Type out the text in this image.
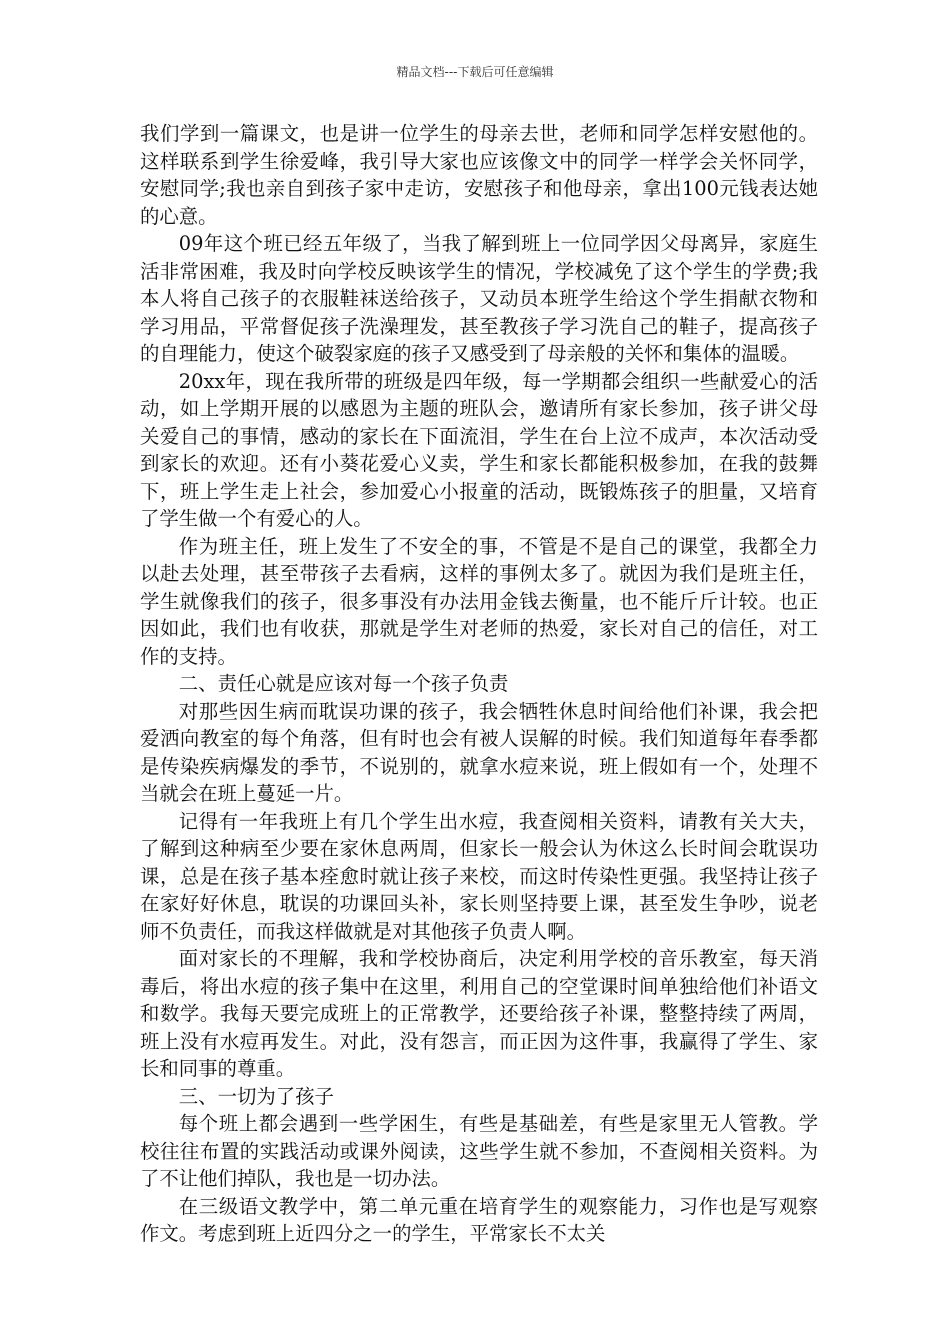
精品文档---下载后可任意编辑

我们学到一篇课文，也是讲一位学生的母亲去世，老师和同学怎样安慰他的。这样联系到学生徐爱峰，我引导大家也应该像文中的同学一样学会关怀同学，安慰同学;我也亲自到孩子家中走访，安慰孩子和他母亲，拿出100元钱表达她的心意。

09年这个班已经五年级了，当我了解到班上一位同学因父母离异，家庭生活非常困难，我及时向学校反映该学生的情况，学校减免了这个学生的学费;我本人将自己孩子的衣服鞋袜送给孩子，又动员本班学生给这个学生捐献衣物和学习用品，平常督促孩子洗澡理发，甚至教孩子学习洗自己的鞋子，提高孩子的自理能力，使这个破裂家庭的孩子又感受到了母亲般的关怀和集体的温暖。

20xx年，现在我所带的班级是四年级，每一学期都会组织一些献爱心的活动，如上学期开展的以感恩为主题的班队会，邀请所有家长参加，孩子讲父母关爱自己的事情，感动的家长在下面流泪，学生在台上泣不成声，本次活动受到家长的欢迎。还有小葵花爱心义卖，学生和家长都能积极参加，在我的鼓舞下，班上学生走上社会，参加爱心小报童的活动，既锻炼孩子的胆量，又培育了学生做一个有爱心的人。

作为班主任，班上发生了不安全的事，不管是不是自己的课堂，我都全力以赴去处理，甚至带孩子去看病，这样的事例太多了。就因为我们是班主任，学生就像我们的孩子，很多事没有办法用金钱去衡量，也不能斤斤计较。也正因如此，我们也有收获，那就是学生对老师的热爱，家长对自己的信任，对工作的支持。

二、责任心就是应该对每一个孩子负责

对那些因生病而耽误功课的孩子，我会牺牲休息时间给他们补课，我会把爱洒向教室的每个角落，但有时也会有被人误解的时候。我们知道每年春季都是传染疾病爆发的季节，不说别的，就拿水痘来说，班上假如有一个，处理不当就会在班上蔓延一片。

记得有一年我班上有几个学生出水痘，我查阅相关资料，请教有关大夫，了解到这种病至少要在家休息两周，但家长一般会认为休这么长时间会耽误功课，总是在孩子基本痊愈时就让孩子来校，而这时传染性更强。我坚持让孩子在家好好休息，耽误的功课回头补，家长则坚持要上课，甚至发生争吵，说老师不负责任，而我这样做就是对其他孩子负责人啊。

面对家长的不理解，我和学校协商后，决定利用学校的音乐教室，每天消毒后，将出水痘的孩子集中在这里，利用自己的空堂课时间单独给他们补语文和数学。我每天要完成班上的正常教学，还要给孩子补课，整整持续了两周，班上没有水痘再发生。对此，没有怨言，而正因为这件事，我赢得了学生、家长和同事的尊重。

三、一切为了孩子

每个班上都会遇到一些学困生，有些是基础差，有些是家里无人管教。学校往往布置的实践活动或课外阅读，这些学生就不参加，不查阅相关资料。为了不让他们掉队，我也是一切办法。

在三级语文教学中，第二单元重在培育学生的观察能力，习作也是写观察作文。考虑到班上近四分之一的学生，平常家长不太关
